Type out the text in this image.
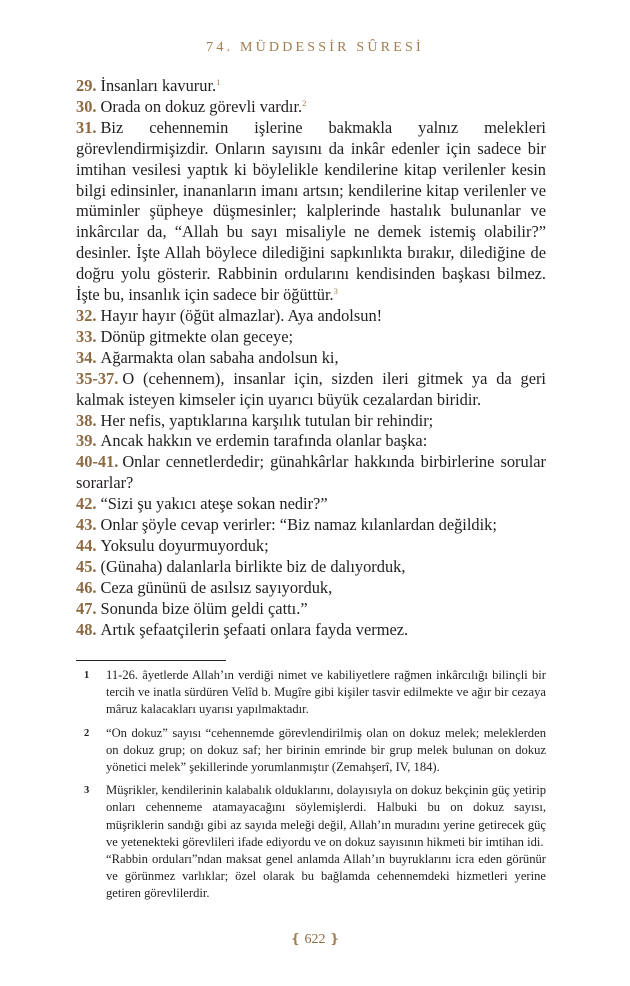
74. MÜDDESSİR SÛRESİ
29. İnsanları kavurur.$^1$
30. Orada on dokuz görevli vardır.$^2$
31. Biz cehennemin işlerine bakmakla yalnız melekleri görevlendirmişizdir. Onların sayısını da inkâr edenler için sadece bir imtihan vesilesi yaptık ki böylelikle kendilerine kitap verilenler kesin bilgi edinsinler, inananların imanı artsın; kendilerine kitap verilenler ve müminler şüpheye düşmesinler; kalplerinde hastalık bulunanlar ve inkârcılar da, “Allah bu sayı misaliyle ne demek istemiş olabilir?” desinler. İşte Allah böylece dilediğini sapkınlıkta bırakır, dilediğine de doğru yolu gösterir. Rabbinin ordularını kendisinden başkası bilmez. İşte bu, insanlık için sadece bir öğüttür.$^3$
32. Hayır hayır (öğüt almazlar). Aya andolsun!
33. Dönüp gitmekte olan geceye;
34. Ağarmakta olan sabaha andolsun ki,
35-37. O (cehennem), insanlar için, sizden ileri gitmek ya da geri kalmak isteyen kimseler için uyarıcı büyük cezalardan biridir.
38. Her nefis, yaptıklarına karşılık tutulan bir rehindir;
39. Ancak hakkın ve erdemin tarafında olanlar başka:
40-41. Onlar cennetlerdedir; günahkârlar hakkında birbirlerine sorular sorarlar?
42. “Sizi şu yakıcı ateşe sokan nedir?”
43. Onlar şöyle cevap verirler: “Biz namaz kılanlardan değildik;
44. Yoksulu doyurmuyorduk;
45. (Günaha) dalanlarla birlikte biz de dalıyorduk,
46. Ceza gününü de asılsız sayıyorduk,
47. Sonunda bize ölüm geldi çattı.”
48. Artık şefaatçilerin şefaati onlara fayda vermez.
1	11-26. âyetlerde Allah’ın verdiği nimet ve kabiliyetlere rağmen inkârcılığı bilinçli bir tercih ve inatla sürdüren Velîd b. Mugîre gibi kişiler tasvir edilmekte ve ağır bir cezaya mâruz kalacakları uyarısı yapılmaktadır.

2	“On dokuz” sayısı “cehennemde görevlendirilmiş olan on dokuz melek; meleklerden on dokuz grup; on dokuz saf; her birinin emrinde bir grup melek bulunan on dokuz yönetici melek” şekillerinde yorumlanmıştır (Zemahşerî, IV, 184).

3	Müşrikler, kendilerinin kalabalık olduklarını, dolayısıyla on dokuz bekçinin güç yetirip onları cehenneme atamayacağını söylemişlerdi. Halbuki bu on dokuz sayısı, müşriklerin sandığı gibi az sayıda meleği değil, Allah’ın muradını yerine getirecek güç ve yetenekteki görevlileri ifade ediyordu ve on dokuz sayısının hikmeti bir imtihan idi.

“Rabbin orduları”ndan maksat genel anlamda Allah’ın buyruklarını icra eden görünür ve görünmez varlıklar; özel olarak bu bağlamda cehennemdeki hizmetleri yerine getiren görevlilerdir.

❴ 622 ❵
